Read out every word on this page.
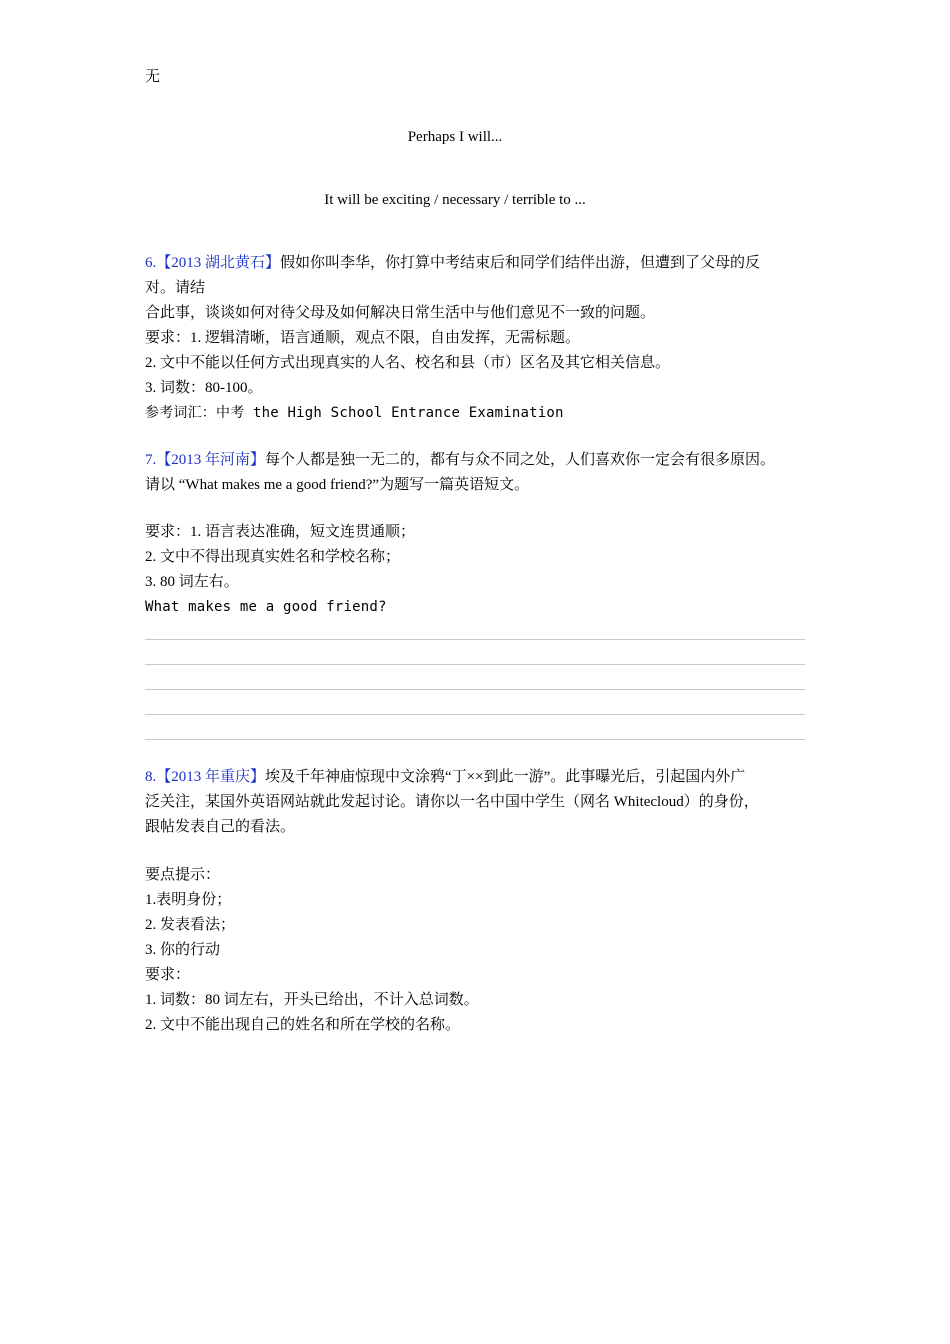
无
Perhaps I will...
It will be exciting / necessary / terrible to ...
6.【2013 湖北黄石】假如你叫李华，你打算中考结束后和同学们结伴出游，但遭到了父母的反
对。请结
合此事，谈谈如何对待父母及如何解决日常生活中与他们意见不一致的问题。
要求：1. 逻辑清晰，语言通顺，观点不限，自由发挥，无需标题。
2. 文中不能以任何方式出现真实的人名、校名和县（市）区名及其它相关信息。
3. 词数：80-100。
参考词汇：中考 the High School Entrance Examination
7.【2013 年河南】每个人都是独一无二的，都有与众不同之处，人们喜欢你一定会有很多原因。
请以 “What makes me a good friend?”为题写一篇英语短文。
要求：1. 语言表达准确，短文连贯通顺；
2. 文中不得出现真实姓名和学校名称；
3. 80 词左右。
What makes me a good friend?
8.【2013 年重庆】埃及千年神庙惊现中文涂鸦“丁××到此一游”。此事曝光后，引起国内外广
泛关注，某国外英语网站就此发起讨论。请你以一名中国中学生（网名 Whitecloud）的身份，
跟帖发表自己的看法。
要点提示：
1.表明身份；
2. 发表看法；
3. 你的行动
要求：
1. 词数：80 词左右，开头已给出，不计入总词数。
2. 文中不能出现自己的姓名和所在学校的名称。
